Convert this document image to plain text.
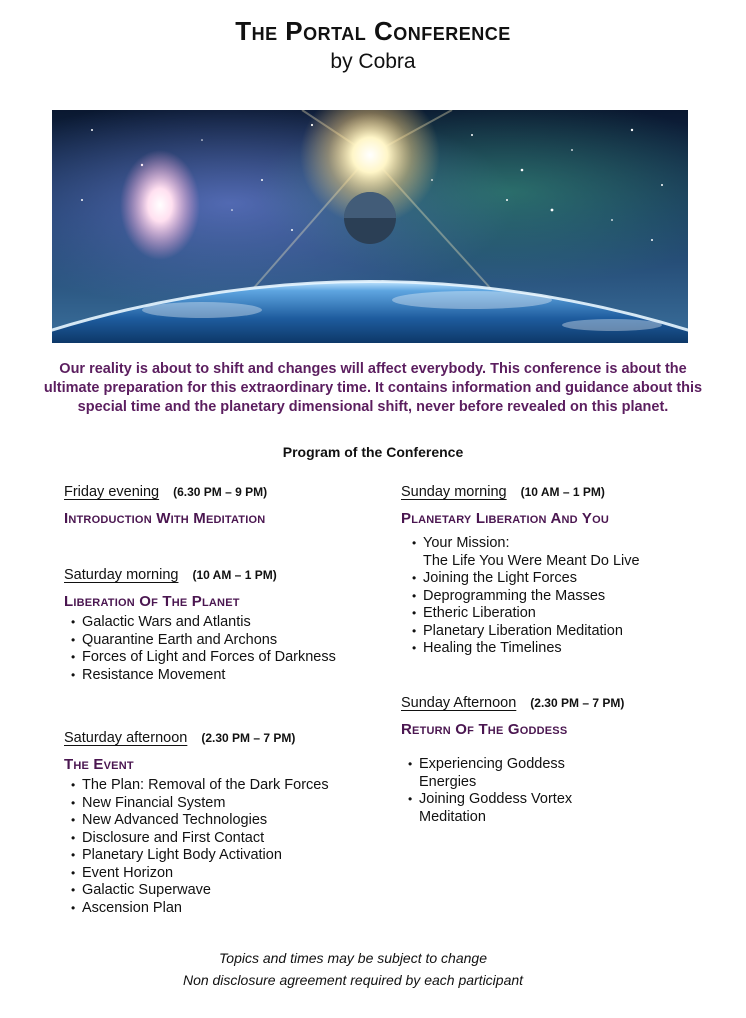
The Portal Conference
by Cobra
Our reality is about to shift and changes will affect everybody. This conference is about the ultimate preparation for this extraordinary time. It contains information and guidance about this special time and the planetary dimensional shift, never before revealed on this planet.
Program of the Conference
Friday evening (6.30 PM – 9 PM)
Introduction With Meditation
Saturday morning (10 AM – 1 PM)
Liberation Of The Planet
• Galactic Wars and Atlantis
• Quarantine Earth and Archons
• Forces of Light and Forces of Darkness
• Resistance Movement
Saturday afternoon (2.30 PM – 7 PM)
The Event
• The Plan: Removal of the Dark Forces
• New Financial System
• New Advanced Technologies
• Disclosure and First Contact
• Planetary Light Body Activation
• Event Horizon
• Galactic Superwave
• Ascension Plan
Sunday morning (10 AM – 1 PM)
Planetary Liberation And You
• Your Mission:
The Life You Were Meant Do Live
• Joining the Light Forces
• Deprogramming the Masses
• Etheric Liberation
• Planetary Liberation Meditation
• Healing the Timelines
Sunday Afternoon (2.30 PM – 7 PM)
Return Of The Goddess
• Experiencing Goddess
Energies
• Joining Goddess Vortex
Meditation
Topics and times may be subject to change
Non disclosure agreement required by each participant
